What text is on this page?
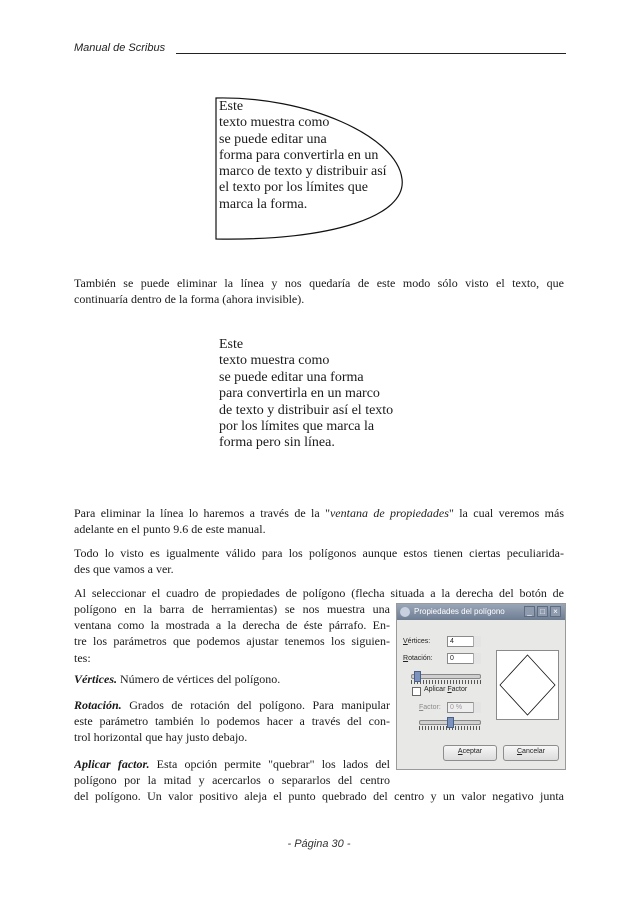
Manual de Scribus
Este
texto muestra como
se puede editar una
forma para convertirla en un
marco de texto y distribuir así
el texto por los límites que
marca la forma.
También se puede eliminar la línea y nos quedaría de este modo sólo visto el texto, que
continuaría dentro de la forma (ahora invisible).
Este
texto muestra como
se puede editar una forma
para convertirla en un marco
de texto y distribuir así el texto
por los límites que marca la
forma pero sin línea.
Para eliminar la línea lo haremos a través de la "ventana de propiedades" la cual veremos más
adelante en el punto 9.6 de este manual.
Todo lo visto es igualmente válido para los polígonos aunque estos tienen ciertas peculiarida-
des que vamos a ver.
Al seleccionar el cuadro de propiedades de polígono (flecha situada a la derecha del botón de
polígono en la barra de herramientas) se nos muestra una
ventana como la mostrada a la derecha de éste párrafo. En-
tre los parámetros que podemos ajustar tenemos los siguien-
tes:
Vértices. Número de vértices del polígono.
Rotación. Grados de rotación del polígono. Para manipular
este parámetro también lo podemos hacer a través del con-
trol horizontal que hay justo debajo.
Aplicar factor. Esta opción permite "quebrar" los lados del
polígono por la mitad y acercarlos o separarlos del centro
del polígono. Un valor positivo aleja el punto quebrado del centro y un valor negativo junta
Propiedades del polígono	_	□	×
Vértices:	4
Rotación:	0
Aplicar Factor
Factor:	0 %
Aceptar	Cancelar
- Página 30 -
